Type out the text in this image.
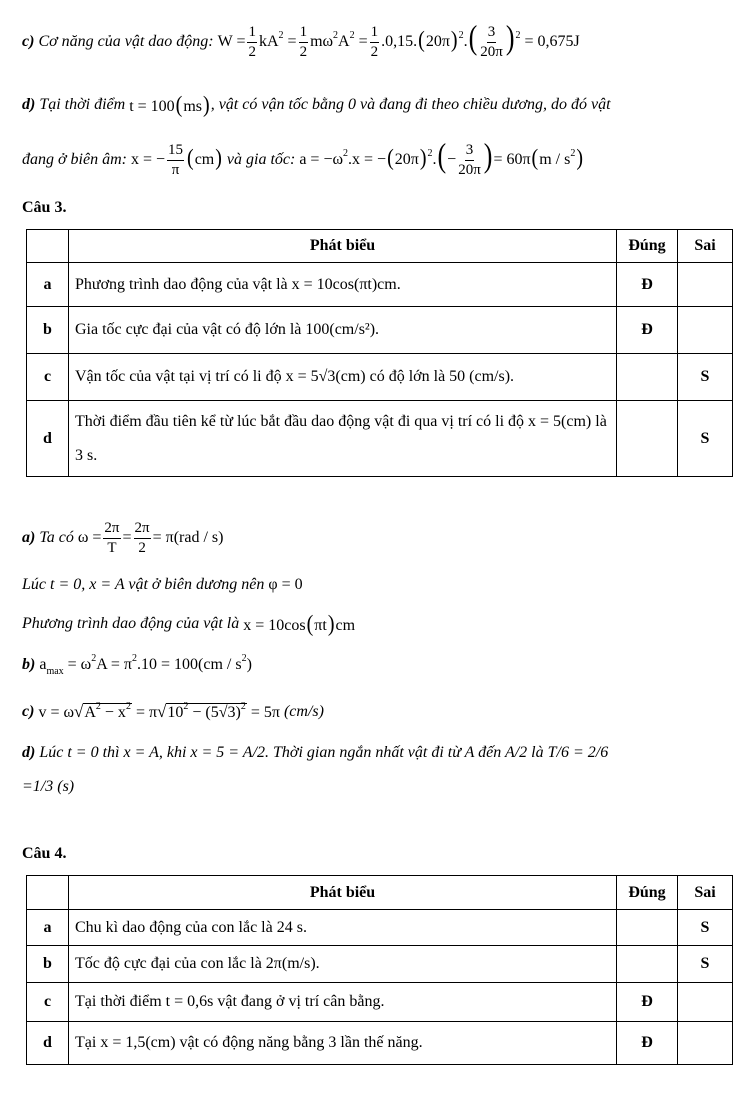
c)
Cơ năng của vật dao động:
$W = \frac{1}{2} kA^2 = \frac{1}{2} m\omega^2A^2 = \frac{1}{2} .0,15.(20\pi)^2.( \frac{3}{20\pi} )^2 = 0,675J$
d)
Tại thời điểm
t = 100(ms) , vật có vận tốc bằng 0 và đang đi theo chiều dương, do đó vật
đang ở biên âm:
x = − $\frac{15}{\pi} (cm)$
và gia tốc:
$a = -\omega^2.x = -(20\pi)^2.(- \frac{3}{20\pi}$ )= $60\pi(m / s^2)$
Câu 3.
	Phát biểu	Đúng	Sai
a	Phương trình dao động của vật là x = 10cos(πt)cm.	Đ	
b	Gia tốc cực đại của vật có độ lớn là 100(cm/s²).	Đ	
c	Vận tốc của vật tại vị trí có li độ x = 5√3(cm) có độ lớn là 50 (cm/s).		S
d	Thời điểm đầu tiên kể từ lúc bắt đầu dao động vật đi qua vị trí có li độ x = 5(cm) là 3 s.		S
a)
Ta có
$\omega = \frac{2\pi}{T} = \frac{2\pi}{2} = \pi(rad / s)$
Lúc t = 0, x = A vật ở biên dương nên
φ = 0
Phương trình dao động của vật là
x = 10cos(πt)cm
b)
$a_{max} = \omega^2A = \pi^2.10 = 100(cm / s^2)$
c)
$v = \omega√A^2 - x^2 = \pi√10^2 - (5√3)^2 = 5\pi$
(cm/s)
d)
Lúc t = 0 thì x = A, khi x = 5 = A/2. Thời gian ngắn nhất vật đi từ A đến A/2 là T/6 = 2/6
=1/3 (s)
Câu 4.
	Phát biểu	Đúng	Sai
a	Chu kì dao động của con lắc là 24 s.		S
b	Tốc độ cực đại của con lắc là 2π(m/s).		S
c	Tại thời điểm t = 0,6s vật đang ở vị trí cân bằng.	Đ	
d	Tại x = 1,5(cm) vật có động năng bằng 3 lần thế năng.	Đ	
